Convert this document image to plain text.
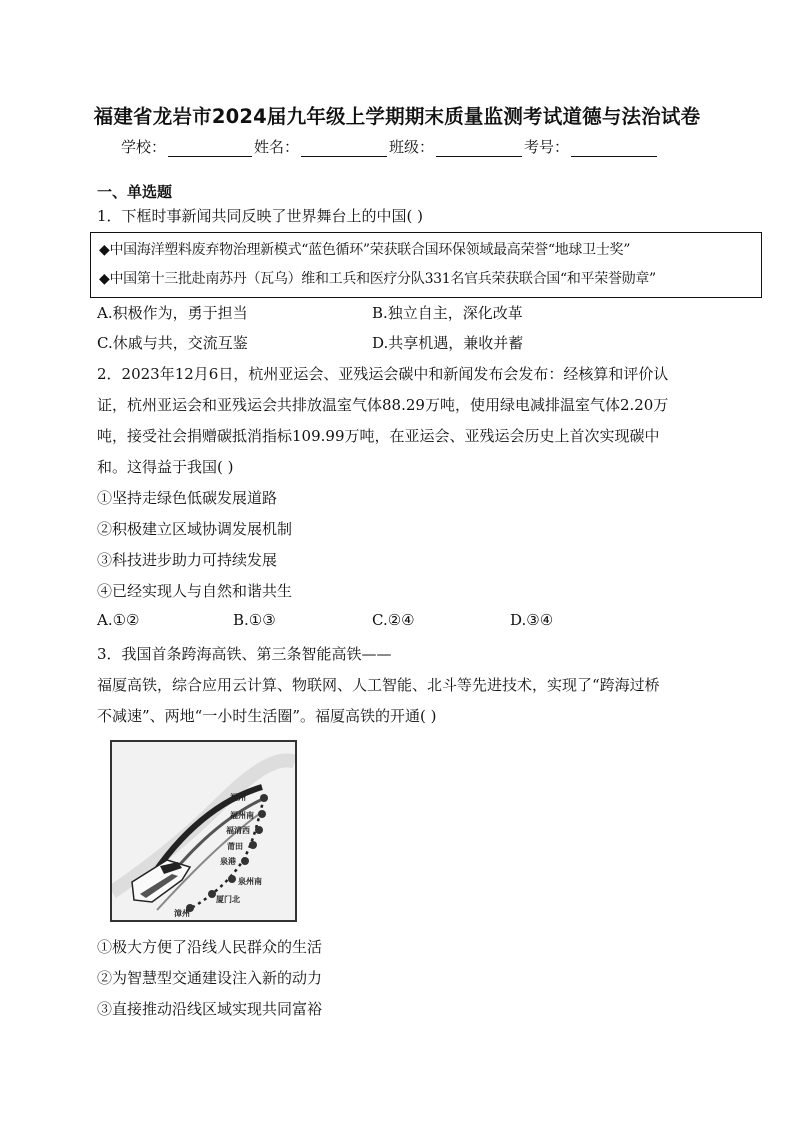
福建省龙岩市2024届九年级上学期期末质量监测考试道德与法治试卷
学校：	姓名：	班级：	考号：
一、单选题
1．下框时事新闻共同反映了世界舞台上的中国( )
◆中国海洋塑料废弃物治理新模式“蓝色循环”荣获联合国环保领域最高荣誉“地球卫士奖”
◆中国第十三批赴南苏丹（瓦乌）维和工兵和医疗分队331名官兵荣获联合国“和平荣誉勋章”
A.积极作为，勇于担当	B.独立自主，深化改革
C.休戚与共，交流互鉴	D.共享机遇，兼收并蓄
2．2023年12月6日，杭州亚运会、亚残运会碳中和新闻发布会发布：经核算和评价认
证，杭州亚运会和亚残运会共排放温室气体88.29万吨，使用绿电减排温室气体2.20万
吨，接受社会捐赠碳抵消指标109.99万吨，在亚运会、亚残运会历史上首次实现碳中
和。这得益于我国( )
①坚持走绿色低碳发展道路
②积极建立区域协调发展机制
③科技进步助力可持续发展
④已经实现人与自然和谐共生
A.①②	B.①③	C.②④	D.③④
3．我国首条跨海高铁、第三条智能高铁——
福厦高铁，综合应用云计算、物联网、人工智能、北斗等先进技术，实现了“跨海过桥
不减速”、两地“一小时生活圈”。福厦高铁的开通( )
福州
福州南
福清西
莆田
泉港
泉州南
厦门北
漳州
①极大方便了沿线人民群众的生活
②为智慧型交通建设注入新的动力
③直接推动沿线区域实现共同富裕
